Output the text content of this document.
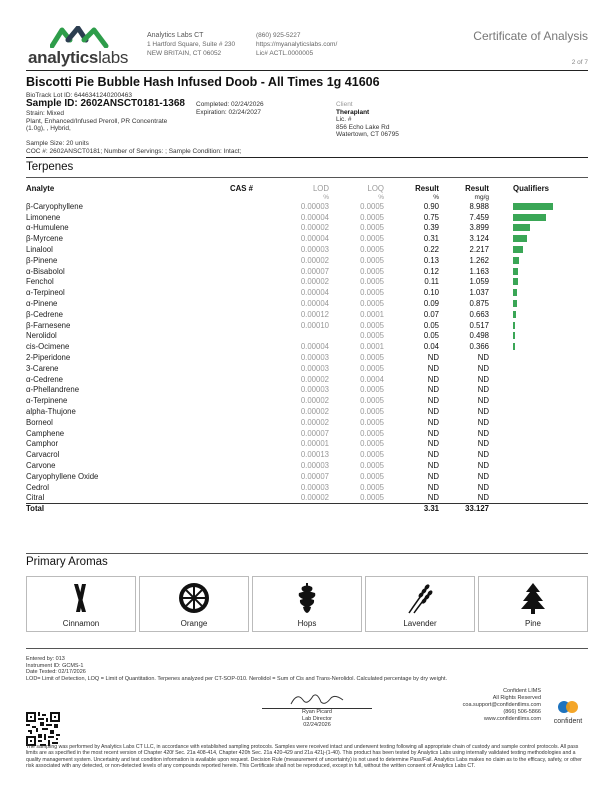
analyticslabs
Analytics Labs CT
1 Hartford Square, Suite # 230
NEW BRITAIN, CT 06052
(860) 925-5227
https://myanalyticslabs.com/
Lic# ACTL.0000005
Certificate of Analysis
2 of 7
Biscotti Pie Bubble Hash Infused Doob - All Times 1g 41606
BioTrack Lot ID: 6446341240200463
Sample ID: 2602ANSCT0181-1368
Strain: Mixed
Plant, Enhanced/Infused Preroll, PR Concentrate
(1.0g), , Hybrid,
Completed: 02/24/2026
Expiration: 02/24/2027
Sample Size: 20 units
COC #: 2602ANSCT0181; Number of Servings: ; Sample Condition: Intact;
Client
Theraplant
Lic. #
856 Echo Lake Rd
Watertown, CT 06795
Terpenes
Analyte	CAS #	LOD	LOQ	Result	Result	Qualifiers
		%	%	%	mg/g	
β-Caryophyllene		0.00003	0.0005	0.90	8.988	

Limonene		0.00004	0.0005	0.75	7.459	

α-Humulene		0.00002	0.0005	0.39	3.899	

β-Myrcene		0.00004	0.0005	0.31	3.124	

Linalool		0.00003	0.0005	0.22	2.217	

β-Pinene		0.00002	0.0005	0.13	1.262	

α-Bisabolol		0.00007	0.0005	0.12	1.163	

Fenchol		0.00002	0.0005	0.11	1.059	

α-Terpineol		0.00004	0.0005	0.10	1.037	

α-Pinene		0.00004	0.0005	0.09	0.875	

β-Cedrene		0.00012	0.0001	0.07	0.663	

β-Farnesene		0.00010	0.0005	0.05	0.517	

Nerolidol			0.0005	0.05	0.498	

cis-Ocimene		0.00004	0.0001	0.04	0.366	

2-Piperidone		0.00003	0.0005	ND	ND	
3-Carene		0.00003	0.0005	ND	ND	
α-Cedrene		0.00002	0.0004	ND	ND	
α-Phellandrene		0.00003	0.0005	ND	ND	
α-Terpinene		0.00002	0.0005	ND	ND	
alpha-Thujone		0.00002	0.0005	ND	ND	
Borneol		0.00002	0.0005	ND	ND	
Camphene		0.00007	0.0005	ND	ND	
Camphor		0.00001	0.0005	ND	ND	
Carvacrol		0.00013	0.0005	ND	ND	
Carvone		0.00003	0.0005	ND	ND	
Caryophyllene Oxide		0.00007	0.0005	ND	ND	
Cedrol		0.00003	0.0005	ND	ND	
Citral		0.00002	0.0005	ND	ND	
Total				3.31	33.127	
Primary Aromas
Cinnamon	Orange	Hops	Lavender	Pine
Entered by: 013
Instrument ID: GCMS-1
Date Tested: 02/17/2026
LOD= Limit of Detection, LOQ = Limit of Quantitation. Terpenes analyzed per CT-SOP-010. Nerolidol = Sum of Cis and Trans-Nerolidol. Calculated percentage by dry weight.
Ryan Picard
Lab Director
02/24/2026
Confident LIMS
All Rights Reserved
coa.support@confidentlims.com
(866) 506-5866
www.confidentlims.com	confident
The sampling was performed by Analytics Labs CT LLC, in accordance with established sampling protocols. Samples were received intact and underwent testing following all appropriate chain of custody and sample control protocols. All pass limits are as specified in the most recent version of Chapter 420f Sec. 21a 408-414, Chapter 420h Sec. 21a 420-429 and 21a 421j-(1-40). This product has been tested by Analytics Labs using internally validated testing methodologies and a quality management system. Uncertainty and test condition information is available upon request. Decision Rule (measurement of uncertainty) is not used to determine Pass/Fail. Analytics Labs makes no claim as to the efficacy, safety, or other risk associated with any detected, or non-detected levels of any compounds reported herein. This Certificate shall not be reproduced, except in full, without the written consent of Analytics Labs CT.
